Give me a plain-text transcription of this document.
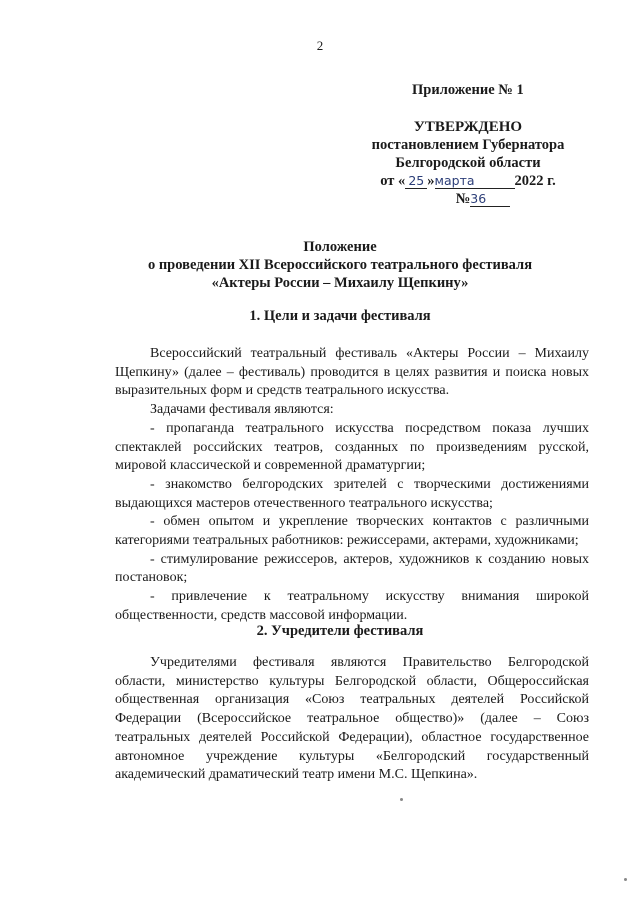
2
Приложение № 1
УТВЕРЖДЕНО
постановлением Губернатора
Белгородской области
от « 25 »марта	2022 г.
№36
Положение
о проведении XII Всероссийского театрального фестиваля
«Актеры России – Михаилу Щепкину»
1. Цели и задачи фестиваля

Всероссийский театральный фестиваль «Актеры России – Михаилу Щепкину» (далее – фестиваль) проводится в целях развития и поиска новых выразительных форм и средств театрального искусства.

Задачами фестиваля являются:

- пропаганда театрального искусства посредством показа лучших спектаклей российских театров, созданных по произведениям русской, мировой классической и современной драматургии;

- знакомство белгородских зрителей с творческими достижениями выдающихся мастеров отечественного театрального искусства;

- обмен опытом и укрепление творческих контактов с различными категориями театральных работников: режиссерами, актерами, художниками;

- стимулирование режиссеров, актеров, художников к созданию новых постановок;

- привлечение к театральному искусству внимания широкой общественности, средств массовой информации.

2. Учредители фестиваля

Учредителями фестиваля являются Правительство Белгородской области, министерство культуры Белгородской области, Общероссийская общественная организация «Союз театральных деятелей Российской Федерации (Всероссийское театральное общество)» (далее – Союз театральных деятелей Российской Федерации), областное государственное автономное учреждение культуры «Белгородский государственный академический драматический театр имени М.С. Щепкина».
